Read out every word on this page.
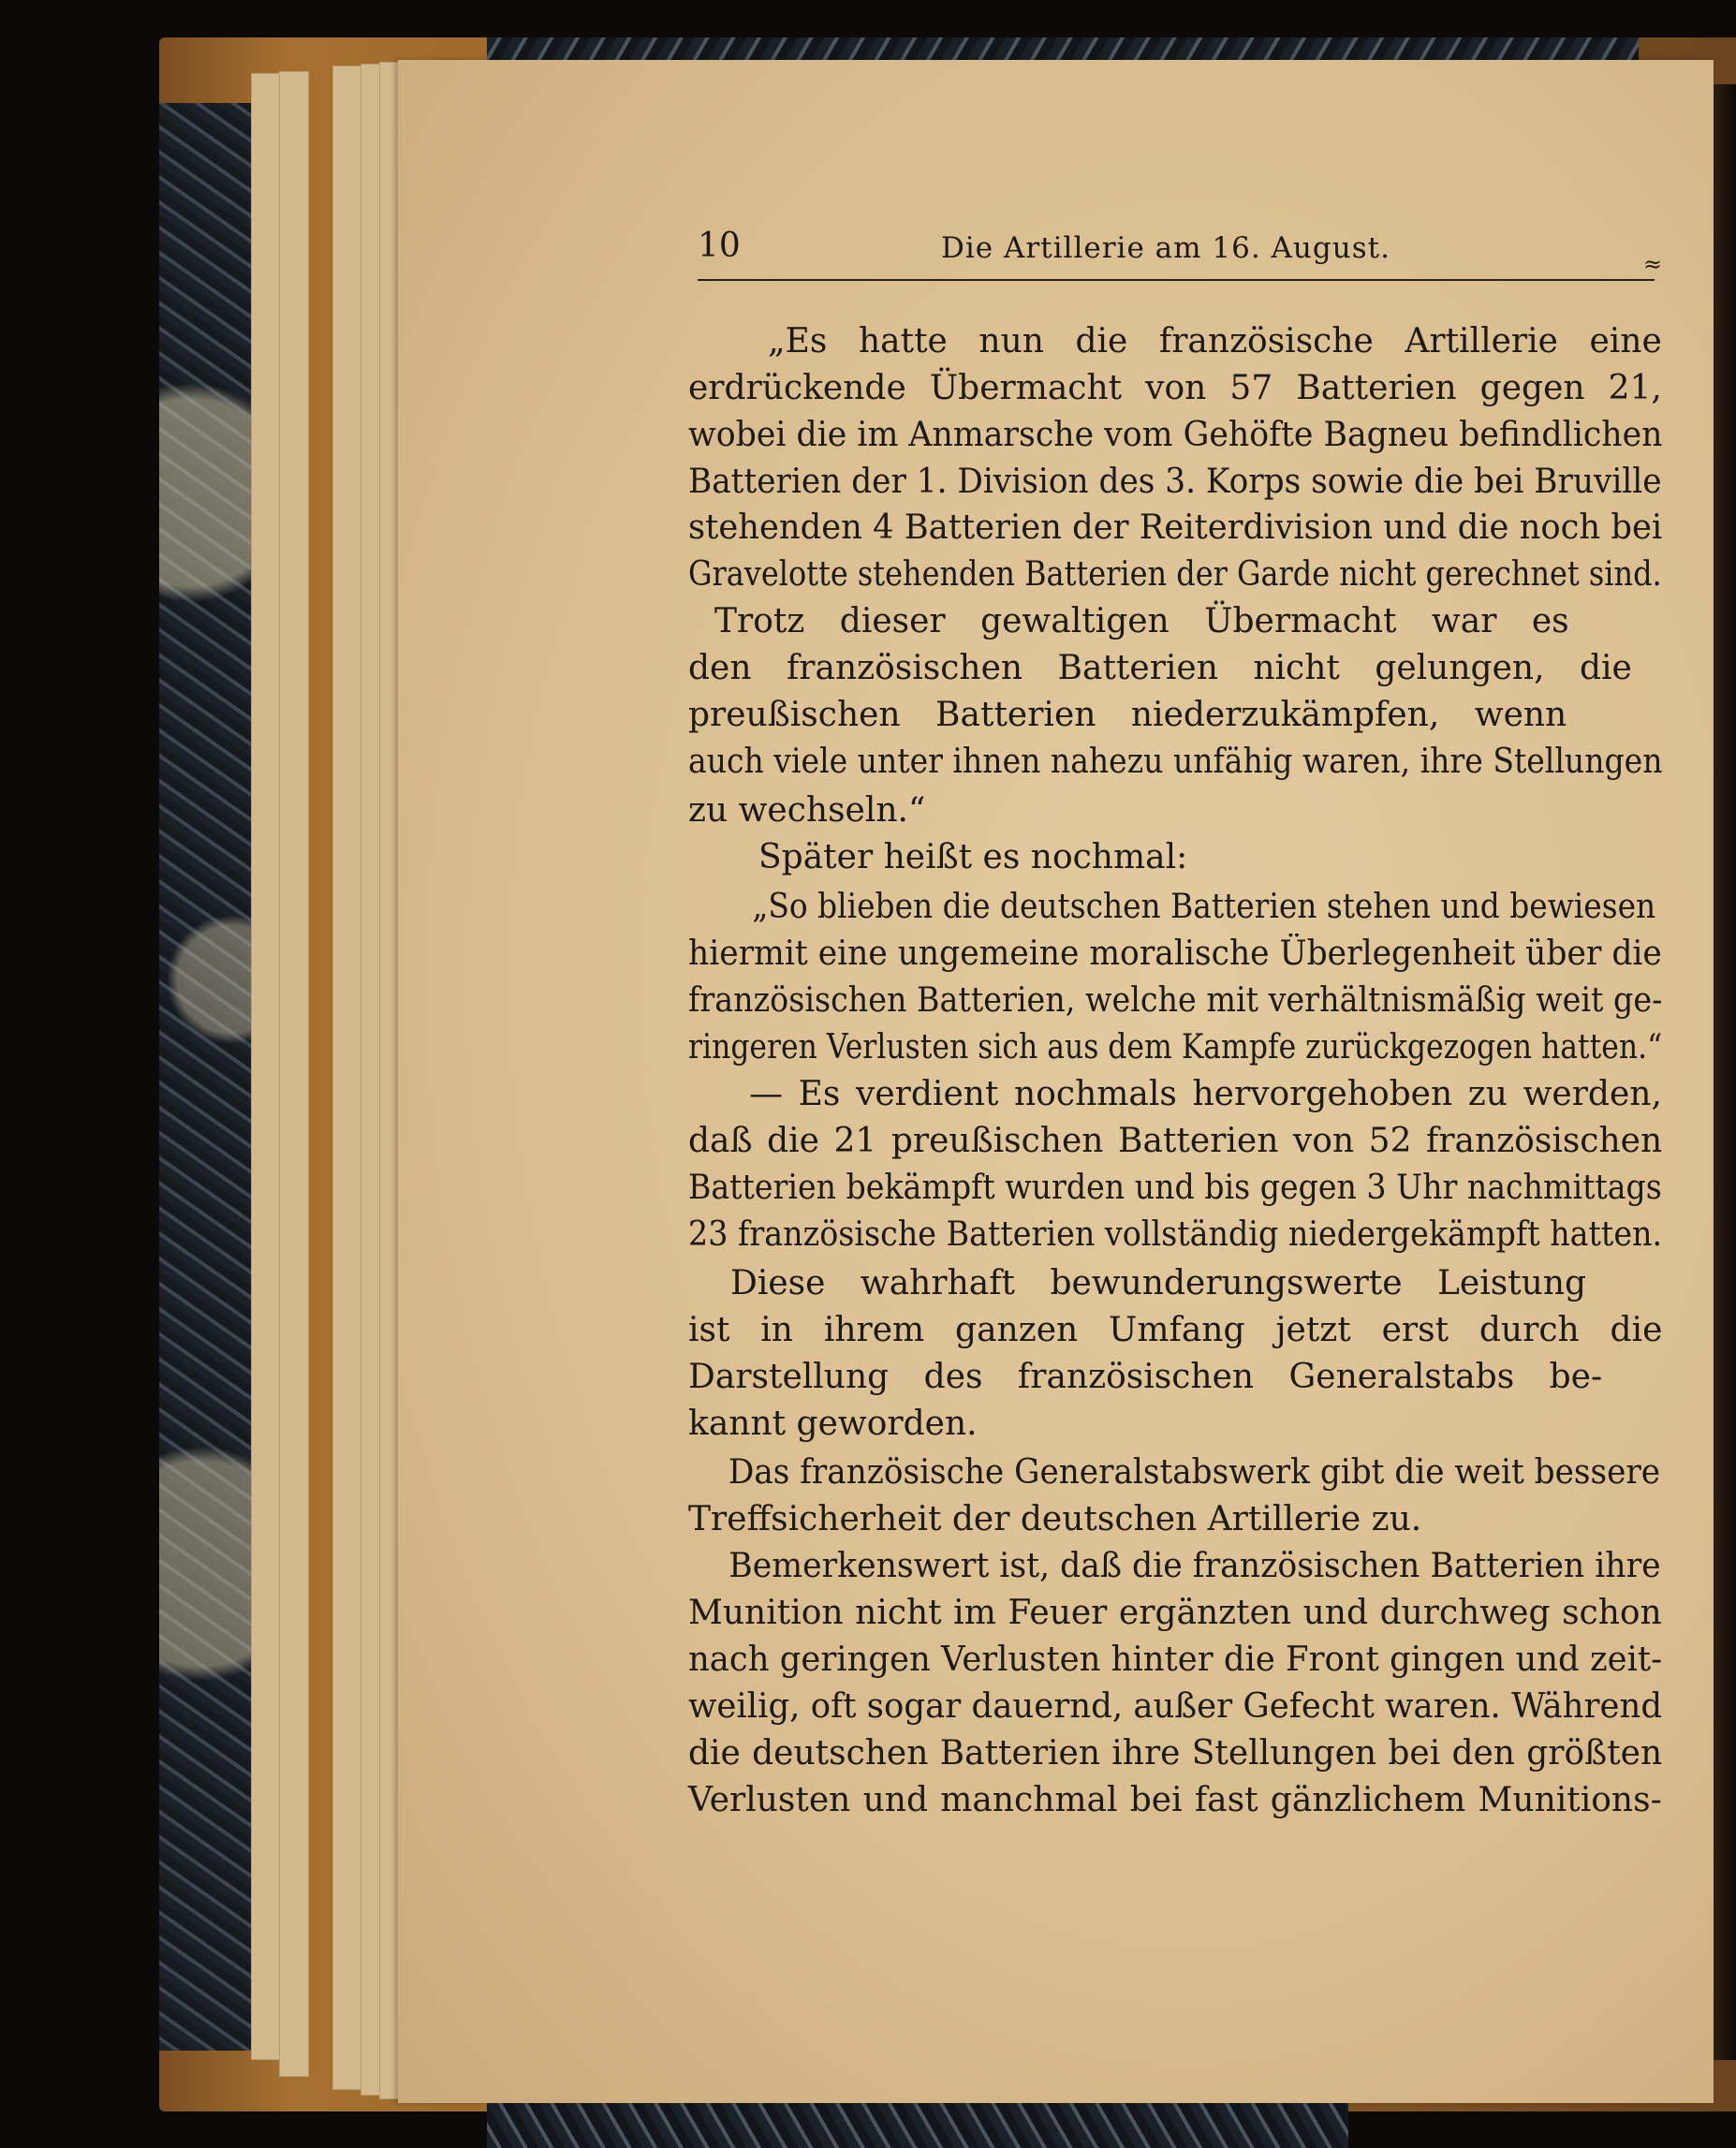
10	Die Artillerie am 16. August.	≈
„Es hatte nun die französische Artillerie eine
erdrückende Übermacht von 57 Batterien gegen 21,
wobei die im Anmarsche vom Gehöfte Bagneu befindlichen
Batterien der 1. Division des 3. Korps sowie die bei Bruville
stehenden 4 Batterien der Reiterdivision und die noch bei
Gravelotte stehenden Batterien der Garde nicht gerechnet sind.
Trotz dieser gewaltigen Übermacht war es
den französischen Batterien nicht gelungen, die
preußischen Batterien niederzukämpfen, wenn
auch viele unter ihnen nahezu unfähig waren, ihre Stellungen
zu wechseln.“
Später heißt es nochmal:
„So blieben die deutschen Batterien stehen und bewiesen
hiermit eine ungemeine moralische Überlegenheit über die
französischen Batterien, welche mit verhältnismäßig weit ge-
ringeren Verlusten sich aus dem Kampfe zurückgezogen hatten.“
— Es verdient nochmals hervorgehoben zu werden,
daß die 21 preußischen Batterien von 52 französischen
Batterien bekämpft wurden und bis gegen 3 Uhr nachmittags
23 französische Batterien vollständig niedergekämpft hatten.
Diese wahrhaft bewunderungswerte Leistung
ist in ihrem ganzen Umfang jetzt erst durch die
Darstellung des französischen Generalstabs be-
kannt geworden.
Das französische Generalstabswerk gibt die weit bessere
Treffsicherheit der deutschen Artillerie zu.
Bemerkenswert ist, daß die französischen Batterien ihre
Munition nicht im Feuer ergänzten und durchweg schon
nach geringen Verlusten hinter die Front gingen und zeit-
weilig, oft sogar dauernd, außer Gefecht waren. Während
die deutschen Batterien ihre Stellungen bei den größten
Verlusten und manchmal bei fast gänzlichem Munitions-
